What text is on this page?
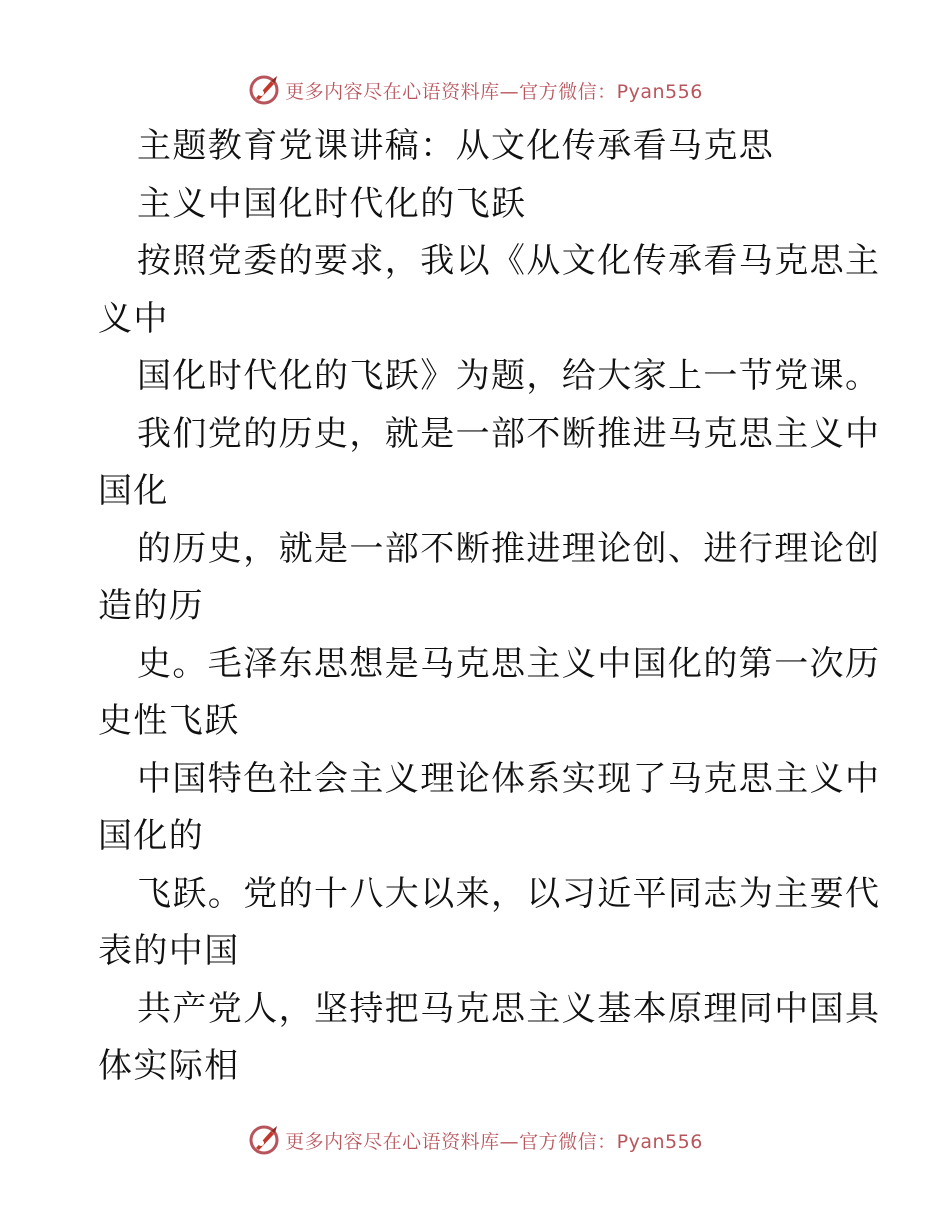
更多内容尽在心语资料库—官方微信：Pyan556
主题教育党课讲稿：从文化传承看马克思
主义中国化时代化的飞跃
按照党委的要求，我以《从文化传承看马克思主
义中
国化时代化的飞跃》为题，给大家上一节党课。
我们党的历史，就是一部不断推进马克思主义中
国化
的历史，就是一部不断推进理论创、进行理论创
造的历
史。毛泽东思想是马克思主义中国化的第一次历
史性飞跃
中国特色社会主义理论体系实现了马克思主义中
国化的
飞跃。党的十八大以来，以习近平同志为主要代
表的中国
共产党人，坚持把马克思主义基本原理同中国具
体实际相
更多内容尽在心语资料库—官方微信：Pyan556
